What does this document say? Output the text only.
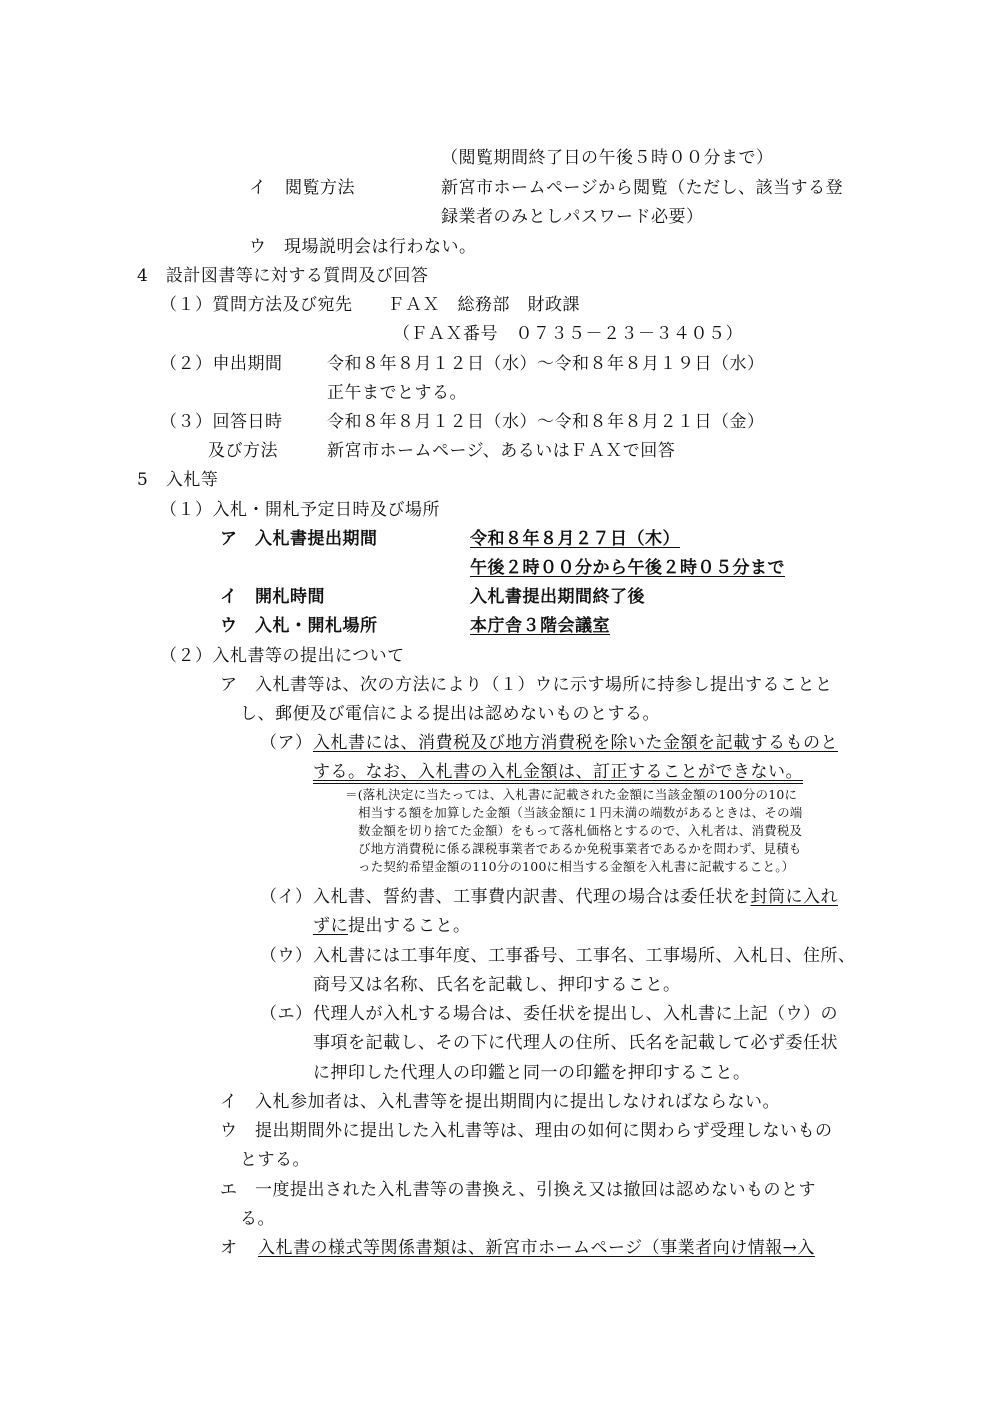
（閲覧期間終了日の午後５時００分まで）
イ 閲覧方法	新宮市ホームページから閲覧（ただし、該当する登
録業者のみとしパスワード必要）
ウ　現場説明会は行わない。
4　設計図書等に対する質問及び回答
（１）質問方法及び宛先　　ＦＡＸ　総務部　財政課
（ＦＡＸ番号　０７３５－２３－３４０５）
（２）申出期間	令和８年８月１２日（水）～令和８年８月１９日（水）
正午までとする。
（３）回答日時	令和８年８月１２日（水）～令和８年８月２１日（金）
及び方法	新宮市ホームページ、あるいはＦＡＸで回答
5　入札等
（１）入札・開札予定日時及び場所
ア　入札書提出期間	令和８年８月２７日（木）
午後２時００分から午後２時０５分まで
イ　開札時間	入札書提出期間終了後
ウ　入札・開札場所	本庁舎３階会議室
（２）入札書等の提出について
ア　入札書等は、次の方法により（１）ウに示す場所に持参し提出することと
し、郵便及び電信による提出は認めないものとする。
（ア） 入札書には、消費税及び地方消費税を除いた金額を記載するものと
する。なお、入札書の入札金額は、訂正することができない。
＝(落札決定に当たっては、入札書に記載された金額に当該金額の100分の10に
相当する額を加算した金額（当該金額に１円未満の端数があるときは、その端
数金額を切り捨てた金額）をもって落札価格とするので、入札者は、消費税及
び地方消費税に係る課税事業者であるか免税事業者であるかを問わず、見積も
った契約希望金額の110分の100に相当する金額を入札書に記載すること。）
（イ） 入札書、誓約書、工事費内訳書、代理の場合は委任状を封筒に入れ
ずに提出すること。
（ウ） 入札書には工事年度、工事番号、工事名、工事場所、入札日、住所、
商号又は名称、氏名を記載し、押印すること。
（エ） 代理人が入札する場合は、委任状を提出し、入札書に上記（ウ）の
事項を記載し、その下に代理人の住所、氏名を記載して必ず委任状
に押印した代理人の印鑑と同一の印鑑を押印すること。
イ　入札参加者は、入札書等を提出期間内に提出しなければならない。
ウ　提出期間外に提出した入札書等は、理由の如何に関わらず受理しないもの
とする。
エ　一度提出された入札書等の書換え、引換え又は撤回は認めないものとす
る。
オ 入札書の様式等関係書類は、新宮市ホームページ（事業者向け情報→入
